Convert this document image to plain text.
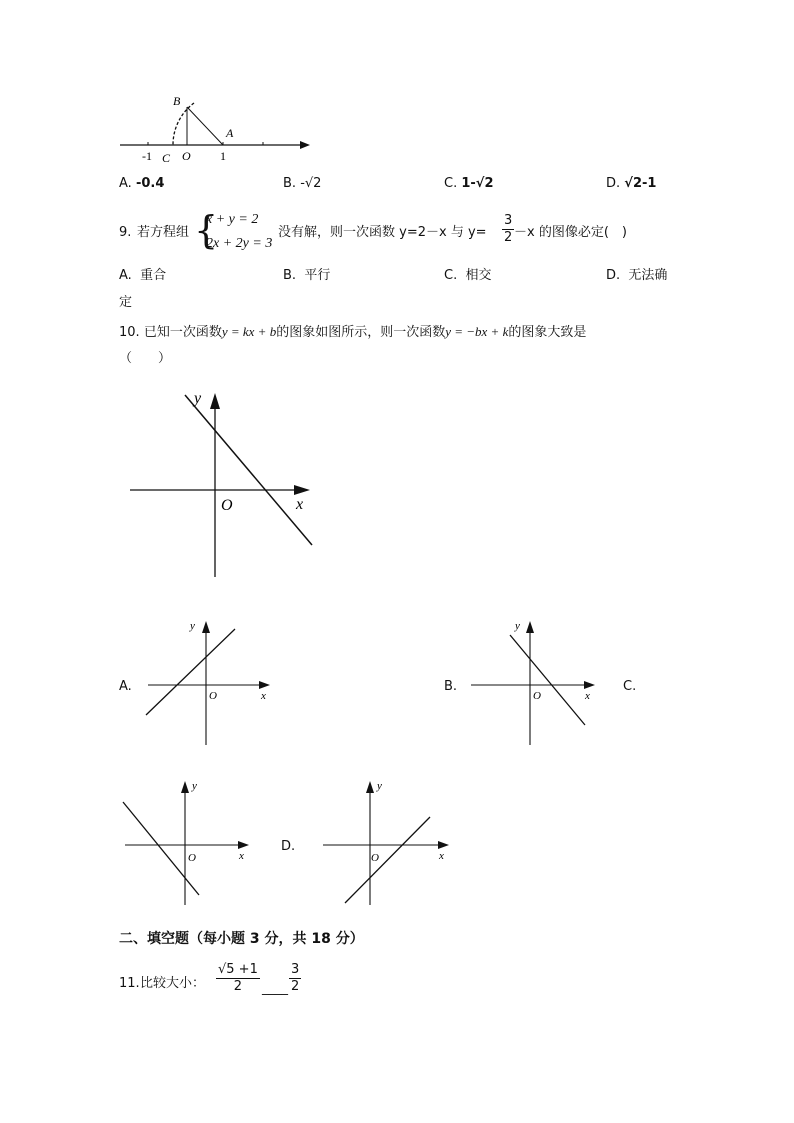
B
A
-1 C O 1
A. -0.4	B. -√2	C. 1-√2	D. √2-1
9. 若方程组 {
x + y = 2
2x + 2y = 3
没有解，则一次函数 y=2－x 与 $y= \frac{3}{2} -x$ 的图像必定(　)
A. 重合	B. 平行	C. 相交	D. 无法确
定
10. 已知一次函数y = kx + b的图象如图所示，则一次函数y = −bx + k的图象大致是
（　　）
y
x
O
A.
y
x
O
B.
y
x
O
C.
y
x
O
D.
y
x
O
二、填空题（每小题 3 分，共 18 分）
11. 比较大小： $\frac{√5 +1}{2}$ ____ $\frac{3}{2}$
